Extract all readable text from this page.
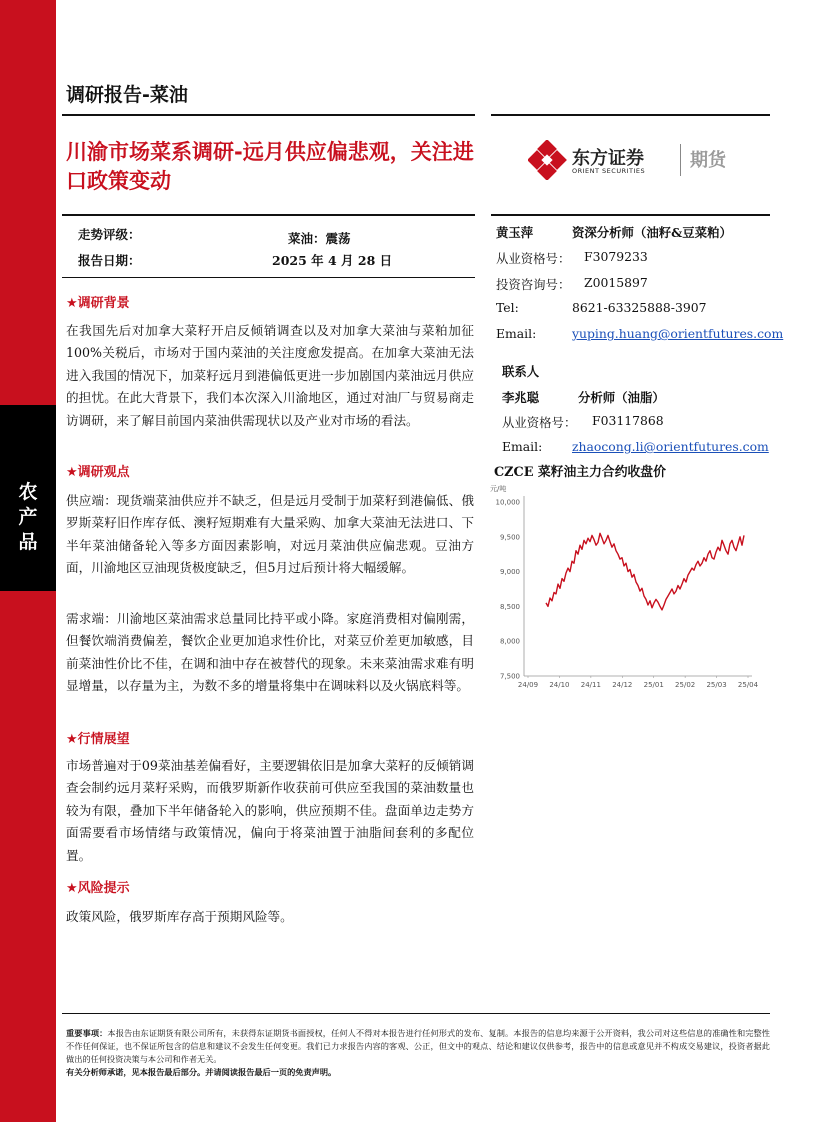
农
产
品
调研报告-菜油
川渝市场菜系调研-远月供应偏悲观，关注进口政策变动
东方证券
ORIENT SECURITIES 期货
走势评级：	菜油：震荡
报告日期：	2025 年 4 月 28 日
★调研背景
在我国先后对加拿大菜籽开启反倾销调查以及对加拿大菜油与菜粕加征100%关税后，市场对于国内菜油的关注度愈发提高。在加拿大菜油无法进入我国的情况下，加菜籽远月到港偏低更进一步加剧国内菜油远月供应的担忧。在此大背景下，我们本次深入川渝地区，通过对油厂与贸易商走访调研，来了解目前国内菜油供需现状以及产业对市场的看法。
★调研观点
供应端：现货端菜油供应并不缺乏，但是远月受制于加菜籽到港偏低、俄罗斯菜籽旧作库存低、澳籽短期难有大量采购、加拿大菜油无法进口、下半年菜油储备轮入等多方面因素影响，对远月菜油供应偏悲观。豆油方面，川渝地区豆油现货极度缺乏，但5月过后预计将大幅缓解。
需求端：川渝地区菜油需求总量同比持平或小降。家庭消费相对偏刚需，但餐饮端消费偏差，餐饮企业更加追求性价比，对菜豆价差更加敏感，目前菜油性价比不佳，在调和油中存在被替代的现象。未来菜油需求难有明显增量，以存量为主，为数不多的增量将集中在调味料以及火锅底料等。
★行情展望
市场普遍对于09菜油基差偏看好，主要逻辑依旧是加拿大菜籽的反倾销调查会制约远月菜籽采购，而俄罗斯新作收获前可供应至我国的菜油数量也较为有限，叠加下半年储备轮入的影响，供应预期不佳。盘面单边走势方面需要看市场情绪与政策情况，偏向于将菜油置于油脂间套利的多配位置。
★风险提示
政策风险，俄罗斯库存高于预期风险等。
黄玉萍	资深分析师（油籽&豆菜粕）
从业资格号： F3079233
投资咨询号： Z0015897
Tel:	8621-63325888-3907
Email:	yuping.huang@orientfutures.com
联系人
李兆聪	分析师（油脂）
从业资格号： F03117868
Email: zhaocong.li@orientfutures.com
CZCE 菜籽油主力合约收盘价
元/吨
10,000
9,500
9,000
8,500
8,000
7,500
24/09 24/10 24/11 24/12 25/01 25/02 25/03 25/04
重要事项：本报告由东证期货有限公司所有，未获得东证期货书面授权，任何人不得对本报告进行任何形式的发布、复制。本报告的信息均来源于公开资料，我公司对这些信息的准确性和完整性不作任何保证，也不保证所包含的信息和建议不会发生任何变更。我们已力求报告内容的客观、公正，但文中的观点、结论和建议仅供参考，报告中的信息或意见并不构成交易建议，投资者据此做出的任何投资决策与本公司和作者无关。
有关分析师承诺，见本报告最后部分。并请阅读报告最后一页的免责声明。
